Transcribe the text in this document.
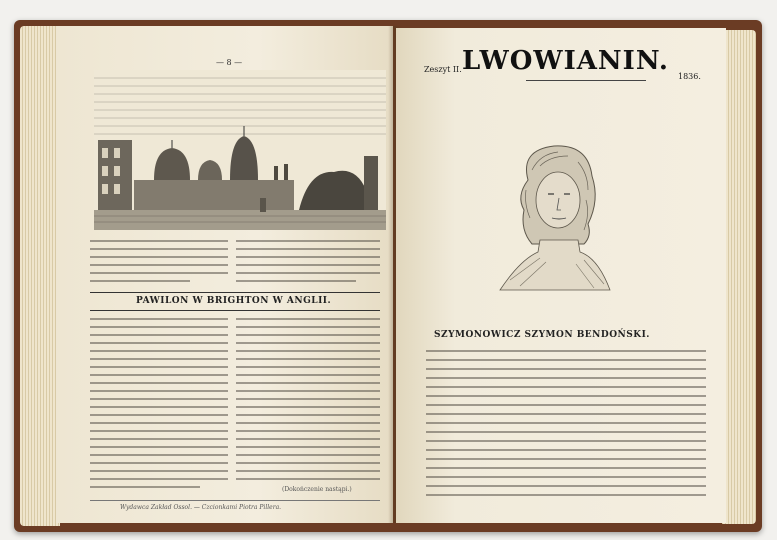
— 8 —
PAWILON W BRIGHTON W ANGLII.
(Dokończenie nastąpi.)
Wydawca Zakład Ossol. — Czcionkami Piotra Pillera.
LWOWIANIN.
Zeszyt II.
1836.
SZYMONOWICZ SZYMON BENDOŃSKI.
